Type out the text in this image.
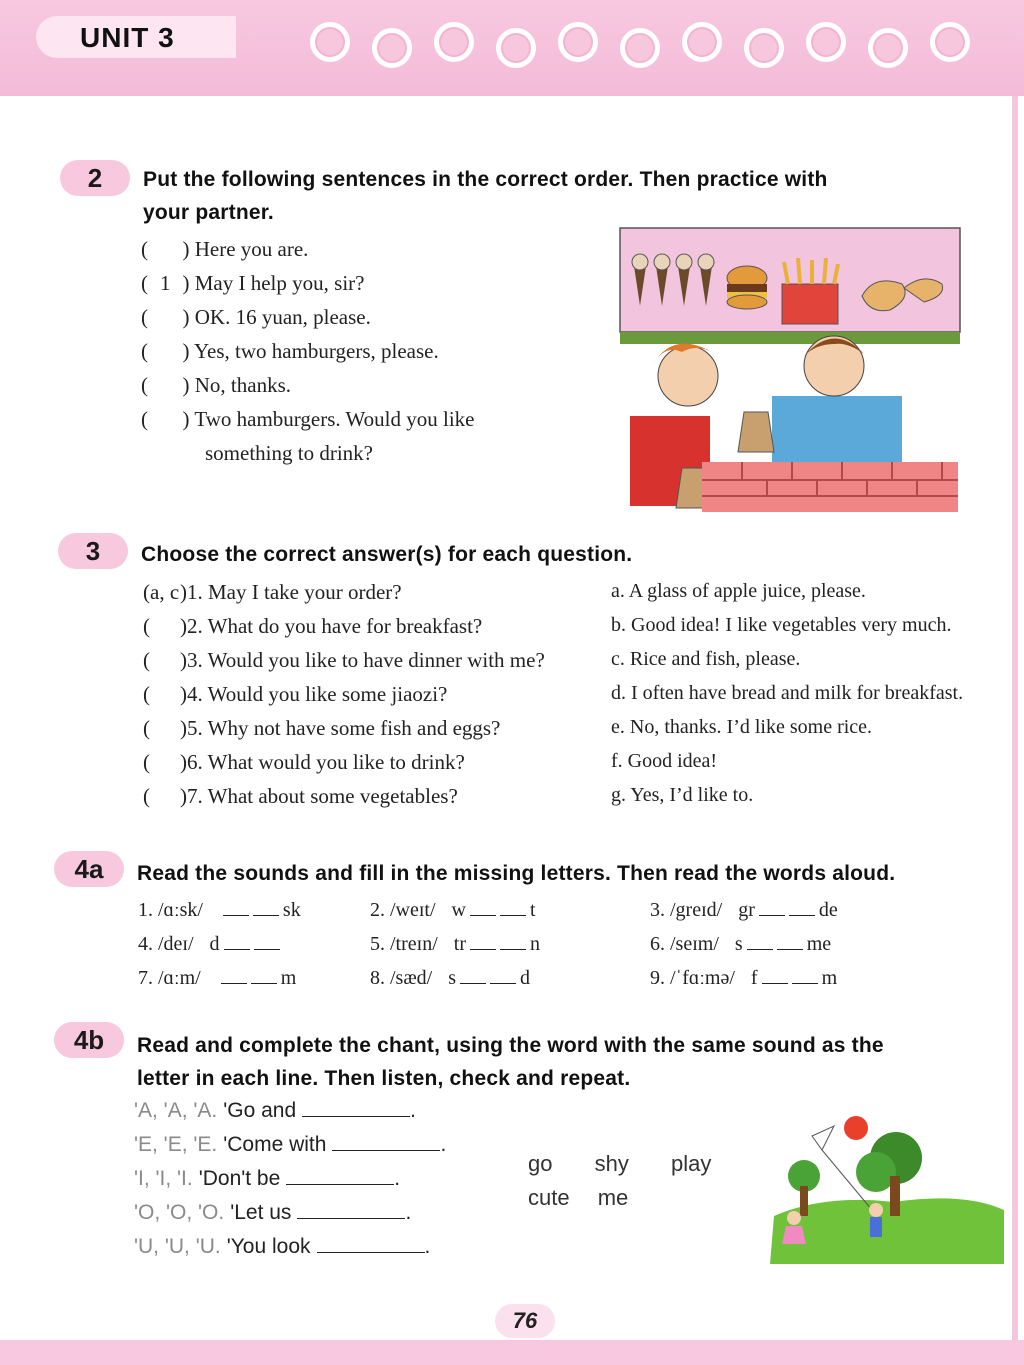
UNIT 3
2	Put the following sentences in the correct order. Then practice with
your partner.
(  ) Here you are.
( 1 ) May I help you, sir?
(  ) OK. 16 yuan, please.
(  ) Yes, two hamburgers, please.
(  ) No, thanks.
(  ) Two hamburgers. Would you like
something to drink?
3	Choose the correct answer(s) for each question.
(a, c)1. May I take your order?
( )2. What do you have for breakfast?
( )3. Would you like to have dinner with me?
( )4. Would you like some jiaozi?
( )5. Why not have some fish and eggs?
( )6. What would you like to drink?
( )7. What about some vegetables?
a. A glass of apple juice, please.
b. Good idea! I like vegetables very much.
c. Rice and fish, please.
d. I often have bread and milk for breakfast.
e. No, thanks. I’d like some rice.
f. Good idea!
g. Yes, I’d like to.
4a	Read the sounds and fill in the missing letters. Then read the words aloud.
1. /ɑːsk/	sk	2. /weɪt/ w	t	3. /greɪd/ gr	de
4. /deɪ/ d	5. /treɪn/ tr	n	6. /seɪm/ s	me
7. /ɑːm/	m	8. /sæd/ s	d	9. /ˈfɑːmə/ f	m
4b	Read and complete the chant, using the word with the same sound as the
letter in each line. Then listen, check and repeat.
'A, 'A, 'A. 'Go and	.
'E, 'E, 'E. 'Come with	.
'I, 'I, 'I. 'Don't be	.
'O, 'O, 'O. 'Let us	.
'U, 'U, 'U. 'You look	.
go shy play
cute me
76
